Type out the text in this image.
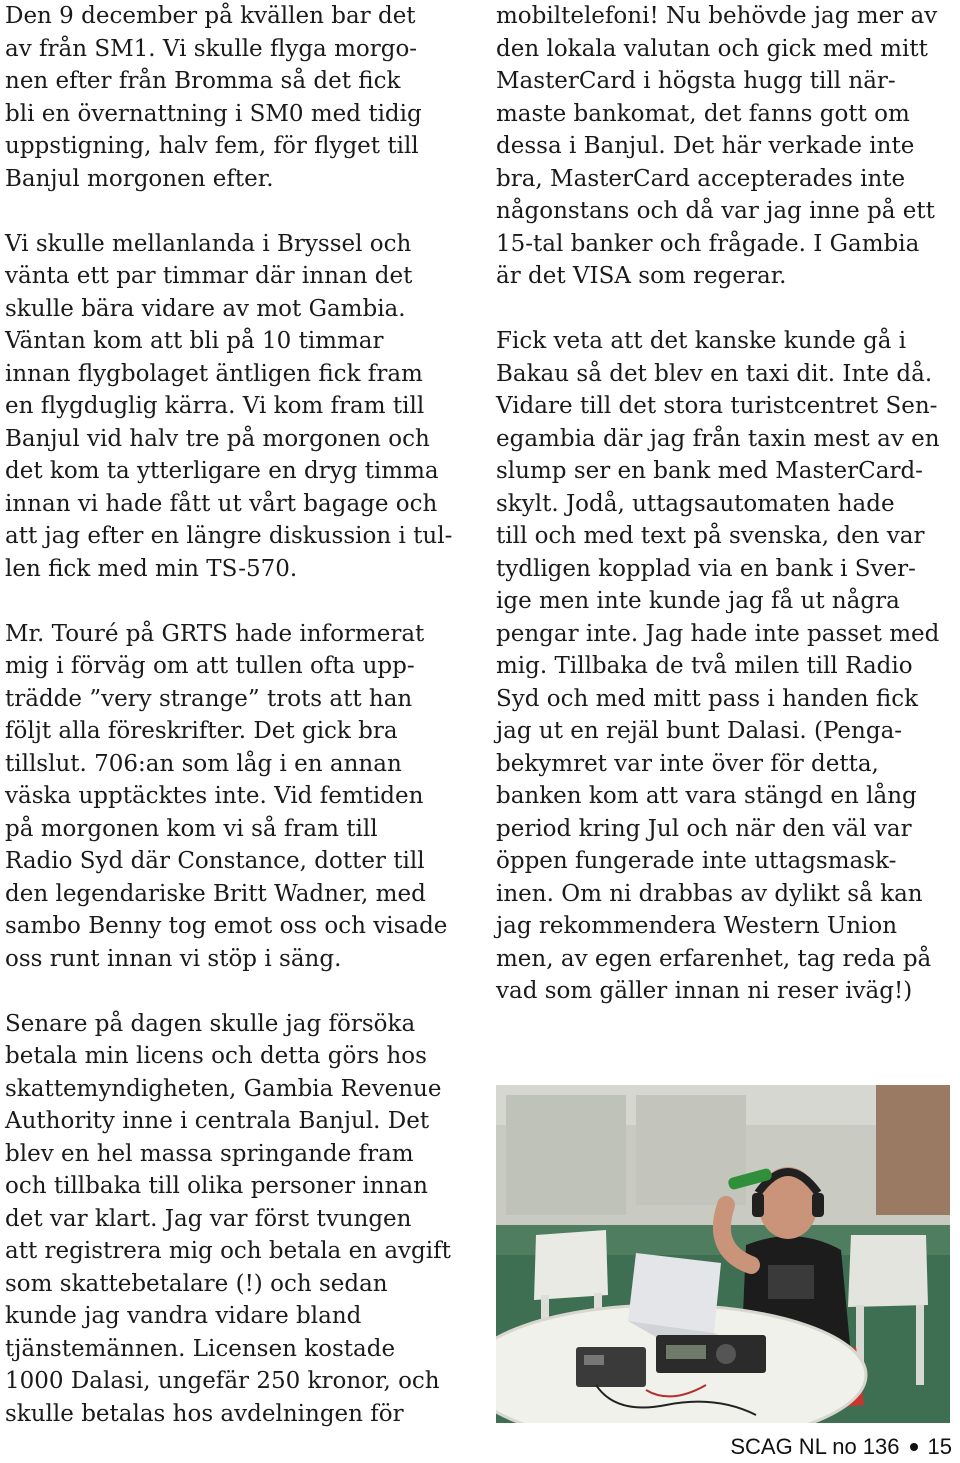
Den 9 december på kvällen bar det
av från SM1. Vi skulle flyga morgo-
nen efter från Bromma så det fick
bli en övernattning i SM0 med tidig
uppstigning, halv fem, för flyget till
Banjul morgonen efter.
Vi skulle mellanlanda i Bryssel och
vänta ett par timmar där innan det
skulle bära vidare av mot Gambia.
Väntan kom att bli på 10 timmar
innan flygbolaget äntligen fick fram
en flygduglig kärra. Vi kom fram till
Banjul vid halv tre på morgonen och
det kom ta ytterligare en dryg timma
innan vi hade fått ut vårt bagage och
att jag efter en längre diskussion i tul-
len fick med min TS-570.
Mr. Touré på GRTS hade informerat
mig i förväg om att tullen ofta upp-
trädde ”very strange” trots att han
följt alla föreskrifter. Det gick bra
tillslut. 706:an som låg i en annan
väska upptäcktes inte. Vid femtiden
på morgonen kom vi så fram till
Radio Syd där Constance, dotter till
den legendariske Britt Wadner, med
sambo Benny tog emot oss och visade
oss runt innan vi stöp i säng.
Senare på dagen skulle jag försöka
betala min licens och detta görs hos
skattemyndigheten, Gambia Revenue
Authority inne i centrala Banjul. Det
blev en hel massa springande fram
och tillbaka till olika personer innan
det var klart. Jag var först tvungen
att registrera mig och betala en avgift
som skattebetalare (!) och sedan
kunde jag vandra vidare bland
tjänstemännen. Licensen kostade
1000 Dalasi, ungefär 250 kronor, och
skulle betalas hos avdelningen för
mobiltelefoni! Nu behövde jag mer av
den lokala valutan och gick med mitt
MasterCard i högsta hugg till när-
maste bankomat, det fanns gott om
dessa i Banjul. Det här verkade inte
bra, MasterCard accepterades inte
någonstans och då var jag inne på ett
15-tal banker och frågade. I Gambia
är det VISA som regerar.
Fick veta att det kanske kunde gå i
Bakau så det blev en taxi dit. Inte då.
Vidare till det stora turistcentret Sen-
egambia där jag från taxin mest av en
slump ser en bank med MasterCard-
skylt. Jodå, uttagsautomaten hade
till och med text på svenska, den var
tydligen kopplad via en bank i Sver-
ige men inte kunde jag få ut några
pengar inte. Jag hade inte passet med
mig. Tillbaka de två milen till Radio
Syd och med mitt pass i handen fick
jag ut en rejäl bunt Dalasi. (Penga-
bekymret var inte över för detta,
banken kom att vara stängd en lång
period kring Jul och när den väl var
öppen fungerade inte uttagsmask-
inen. Om ni drabbas av dylikt så kan
jag rekommendera Western Union
men, av egen erfarenhet, tag reda på
vad som gäller innan ni reser iväg!)
SCAG NL no 136 15
